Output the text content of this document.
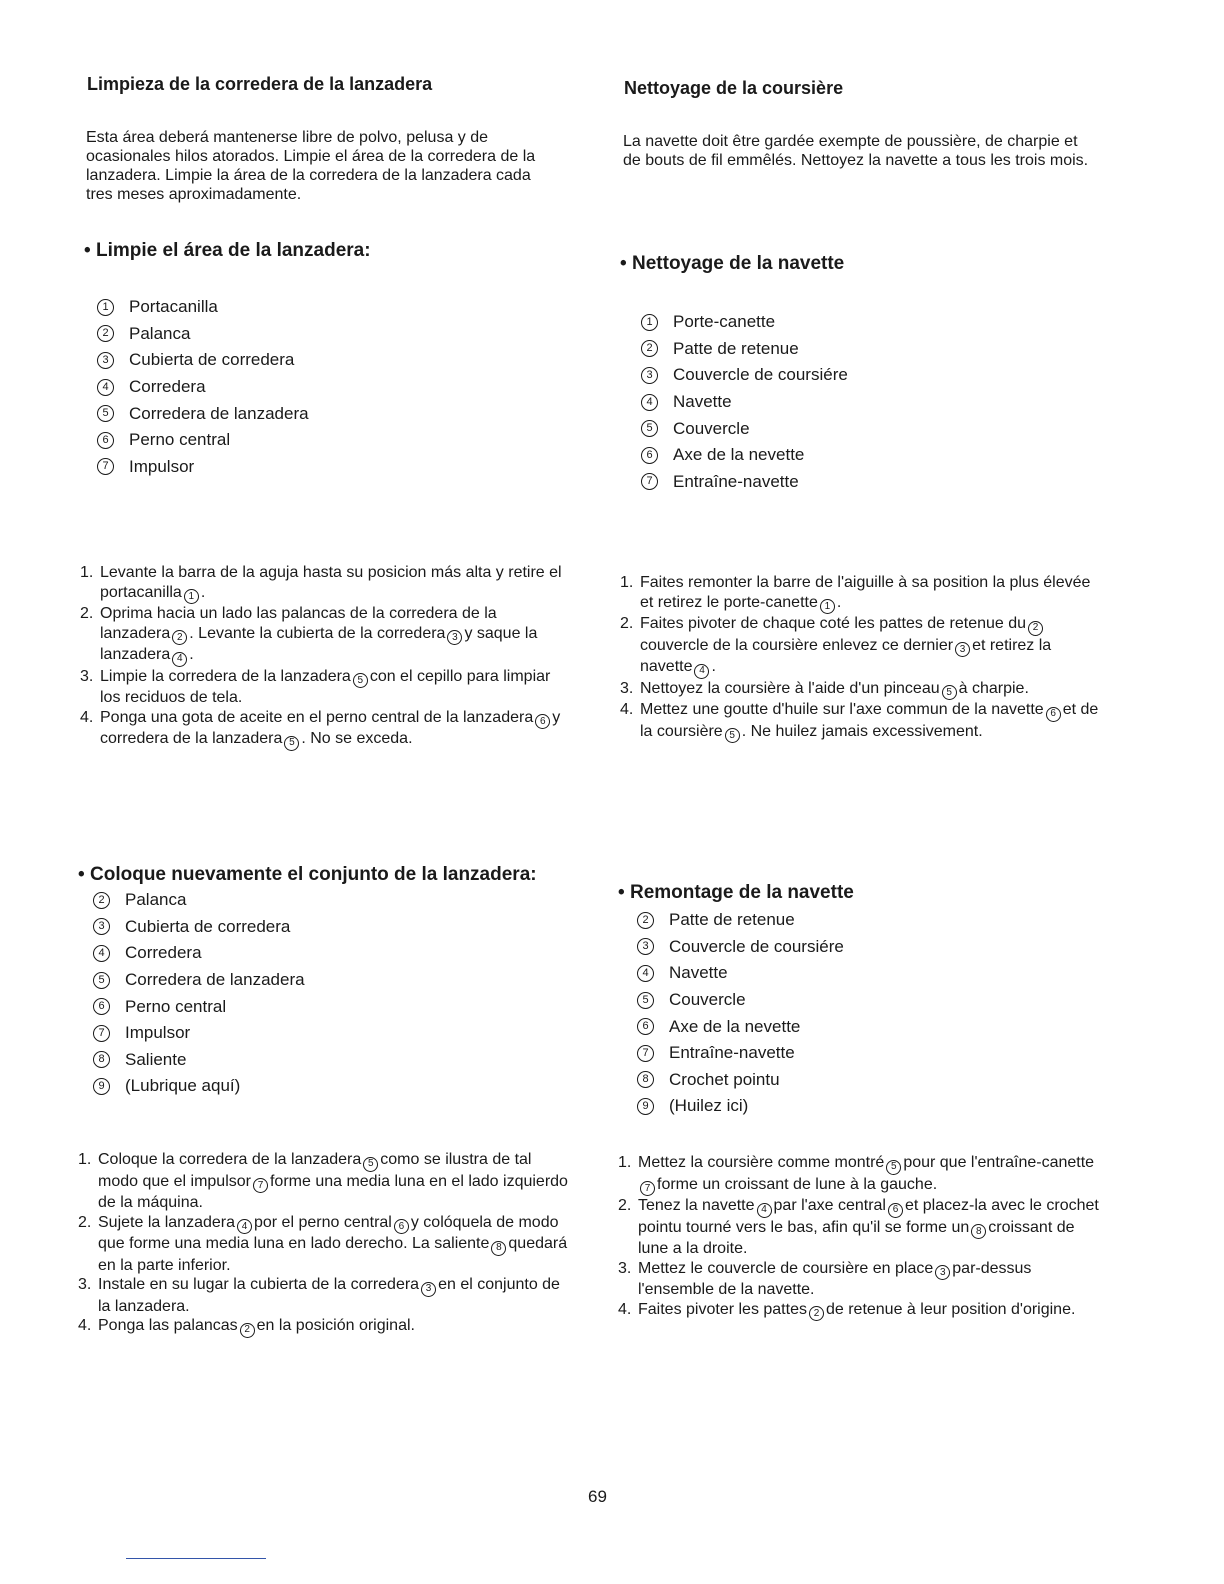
Limpieza de la corredera de la lanzadera

Esta área deberá mantenerse libre de polvo, pelusa y de ocasionales hilos atorados. Limpie el área de la corredera de la lanzadera. Limpie la área de la corredera de la lanzadera cada tres meses aproximadamente.

• Limpie el área de la lanzadera:
1	Portacanilla
2	Palanca
3	Cubierta de corredera
4	Corredera
5	Corredera de lanzadera
6	Perno central
7	Impulsor
1. Levante la barra de la aguja hasta su posicion más alta y retire el portacanilla 1 .
2. Oprima hacia un lado las palancas de la corredera de la lanzadera 2 . Levante la cubierta de la corredera 3 y saque la lanzadera 4 .
3. Limpie la corredera de la lanzadera 5 con el cepillo para limpiar los reciduos de tela.
4. Ponga una gota de aceite en el perno central de la lanzadera 6 y corredera de la lanzadera 5 . No se exceda.
• Coloque nuevamente el conjunto de la lanzadera:
2	Palanca
3	Cubierta de corredera
4	Corredera
5	Corredera de lanzadera
6	Perno central
7	Impulsor
8	Saliente
9	(Lubrique aquí)
1. Coloque la corredera de la lanzadera 5 como se ilustra de tal modo que el impulsor 7 forme una media luna en el lado izquierdo de la máquina.
2. Sujete la lanzadera 4 por el perno central 6 y colóquela de modo que forme una media luna en lado derecho. La saliente 8 quedará en la parte inferior.
3. Instale en su lugar la cubierta de la corredera 3 en el conjunto de la lanzadera.
4. Ponga las palancas 2 en la posición original.
Nettoyage de la coursière

La navette doit être gardée exempte de poussière, de charpie et de bouts de fil emmêlés. Nettoyez la navette a tous les trois mois.

• Nettoyage de la navette
1	Porte-canette
2	Patte de retenue
3	Couvercle de coursiére
4	Navette
5	Couvercle
6	Axe de la nevette
7	Entraîne-navette
1. Faites remonter la barre de l'aiguille à sa position la plus élevée et retirez le porte-canette 1 .
2. Faites pivoter de chaque coté les pattes de retenue du 2couvercle de la coursière enlevez ce dernier 3 et retirez la navette 4 .
3. Nettoyez la coursière à l'aide d'un pinceau 5 à charpie.
4. Mettez une goutte d'huile sur l'axe commun de la navette 6 et de la coursière 5 . Ne huilez jamais excessivement.
• Remontage de la navette
2	Patte de retenue
3	Couvercle de coursiére
4	Navette
5	Couvercle
6	Axe de la nevette
7	Entraîne-navette
8	Crochet pointu
9	(Huilez ici)
1. Mettez la coursière comme montré 5 pour que l'entraîne-canette7 forme un croissant de lune à la gauche.
2. Tenez la navette 4 par l'axe central 6 et placez-la avec le crochet pointu tourné vers le bas, afin qu'il se forme un 8 croissant de lune a la droite.
3. Mettez le couvercle de coursière en place 3 par-dessus l'ensemble de la navette.
4. Faites pivoter les pattes 2 de retenue à leur position d'origine.
69
